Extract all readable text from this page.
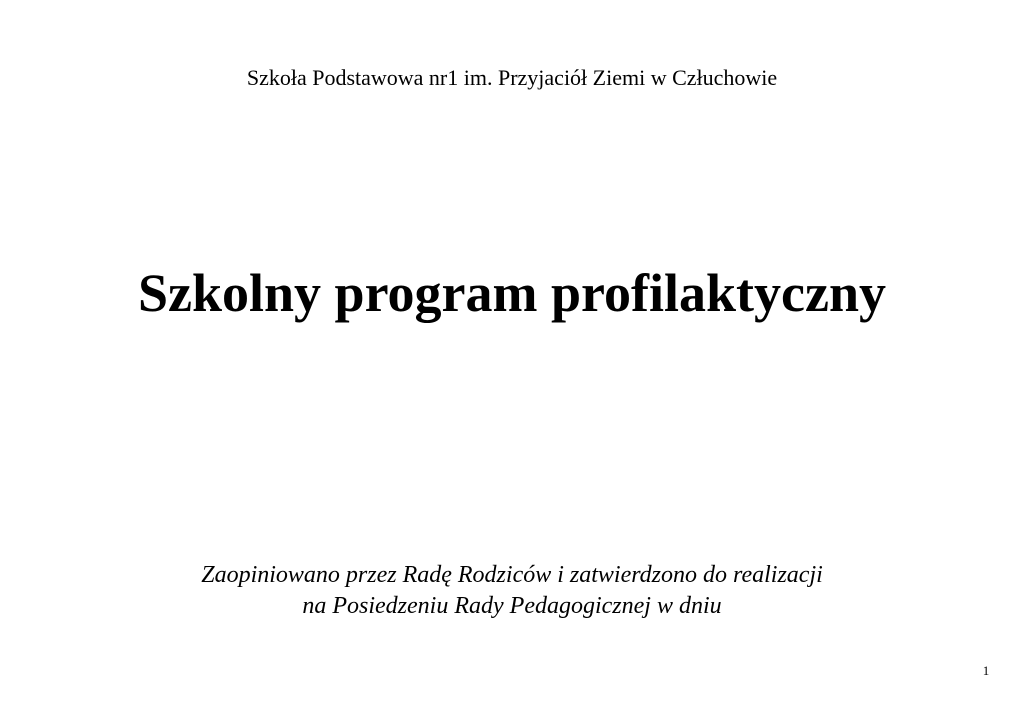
Szkoła Podstawowa nr1 im. Przyjaciół Ziemi w Człuchowie
Szkolny program profilaktyczny
Zaopiniowano przez Radę Rodziców i zatwierdzono do realizacji
na Posiedzeniu Rady Pedagogicznej w dniu
1
